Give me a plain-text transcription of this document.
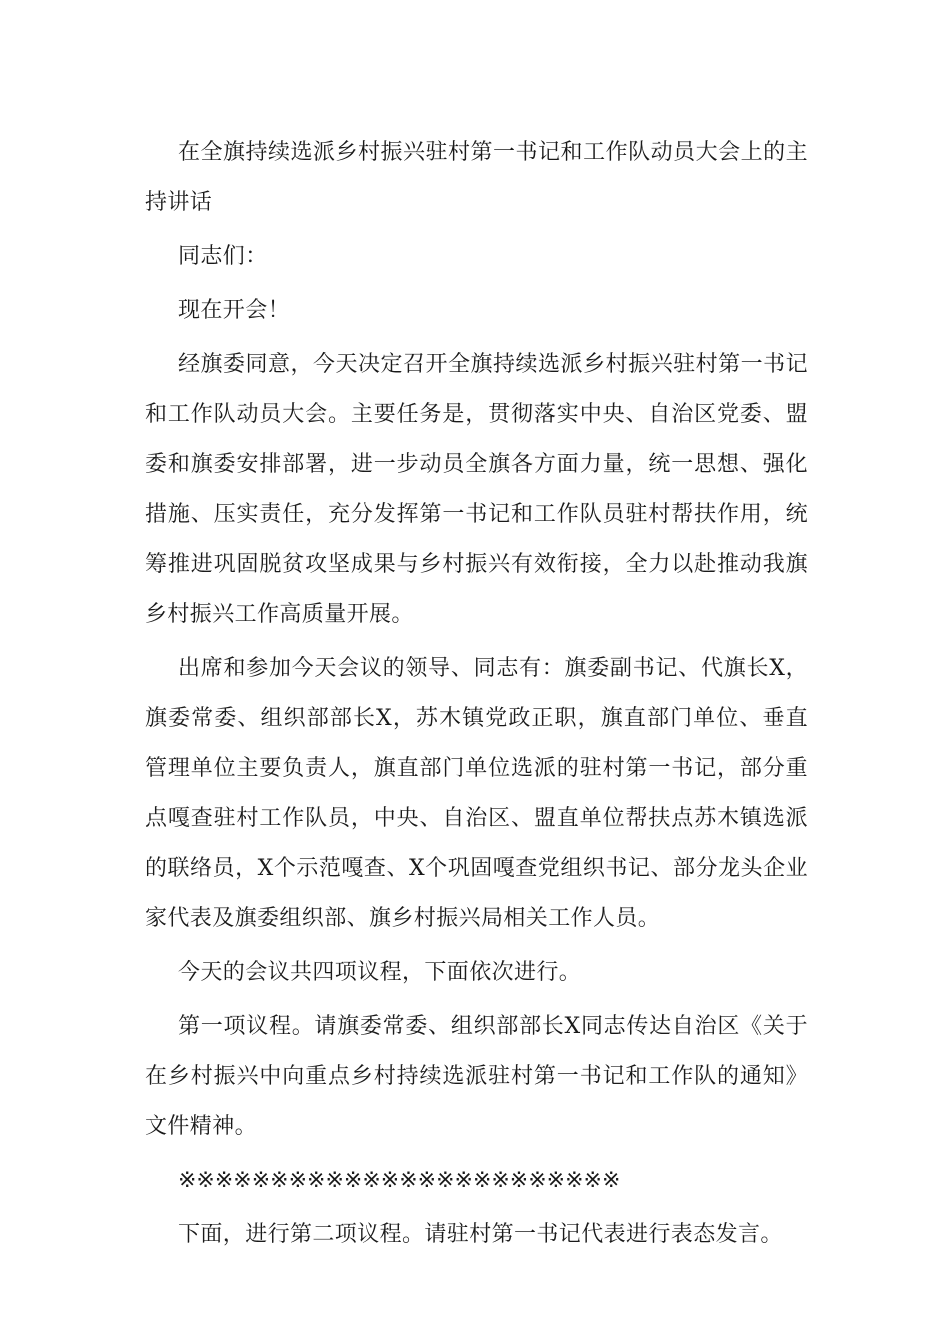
在全旗持续选派乡村振兴驻村第一书记和工作队动员大会上的主持讲话

同志们：

现在开会！

经旗委同意，今天决定召开全旗持续选派乡村振兴驻村第一书记和工作队动员大会。主要任务是，贯彻落实中央、自治区党委、盟委和旗委安排部署，进一步动员全旗各方面力量，统一思想、强化措施、压实责任，充分发挥第一书记和工作队员驻村帮扶作用，统筹推进巩固脱贫攻坚成果与乡村振兴有效衔接，全力以赴推动我旗乡村振兴工作高质量开展。

出席和参加今天会议的领导、同志有：旗委副书记、代旗长X，旗委常委、组织部部长X，苏木镇党政正职，旗直部门单位、垂直管理单位主要负责人，旗直部门单位选派的驻村第一书记，部分重点嘎查驻村工作队员，中央、自治区、盟直单位帮扶点苏木镇选派的联络员，X个示范嘎查、X个巩固嘎查党组织书记、部分龙头企业家代表及旗委组织部、旗乡村振兴局相关工作人员。

今天的会议共四项议程，下面依次进行。

第一项议程。请旗委常委、组织部部长X同志传达自治区《关于在乡村振兴中向重点乡村持续选派驻村第一书记和工作队的通知》文件精神。

※※※※※※※※※※※※※※※※※※※※※※※※

下面，进行第二项议程。请驻村第一书记代表进行表态发言。
